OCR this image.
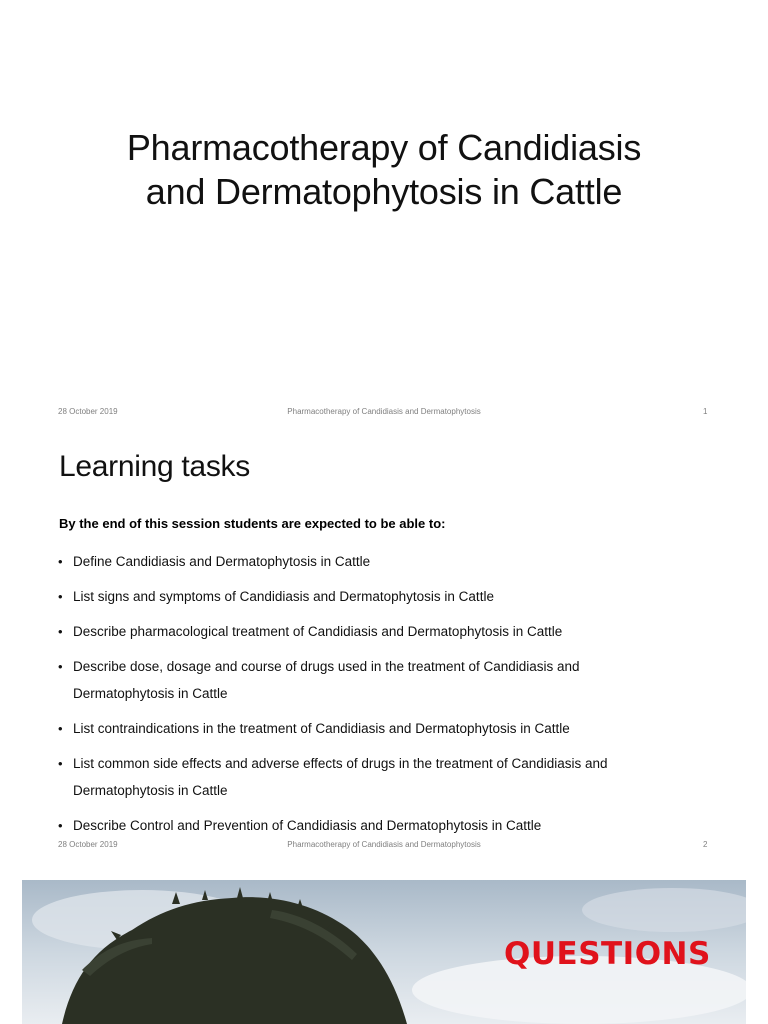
Pharmacotherapy of Candidiasis
and Dermatophytosis in Cattle
28 October 2019	Pharmacotherapy of Candidiasis and Dermatophytosis	1
Learning tasks
By the end of this session students are expected to be able to:
• Define Candidiasis and Dermatophytosis in Cattle
• List signs and symptoms of Candidiasis and Dermatophytosis in Cattle
• Describe pharmacological treatment of Candidiasis and Dermatophytosis in Cattle
• Describe dose, dosage and course of drugs used in the treatment of Candidiasis and
Dermatophytosis in Cattle
• List contraindications in the treatment of Candidiasis and Dermatophytosis in Cattle
• List common side effects and adverse effects of drugs in the treatment of Candidiasis and
Dermatophytosis in Cattle
• Describe Control and Prevention of Candidiasis and Dermatophytosis in Cattle
28 October 2019	Pharmacotherapy of Candidiasis and Dermatophytosis	2
QUESTIONS
